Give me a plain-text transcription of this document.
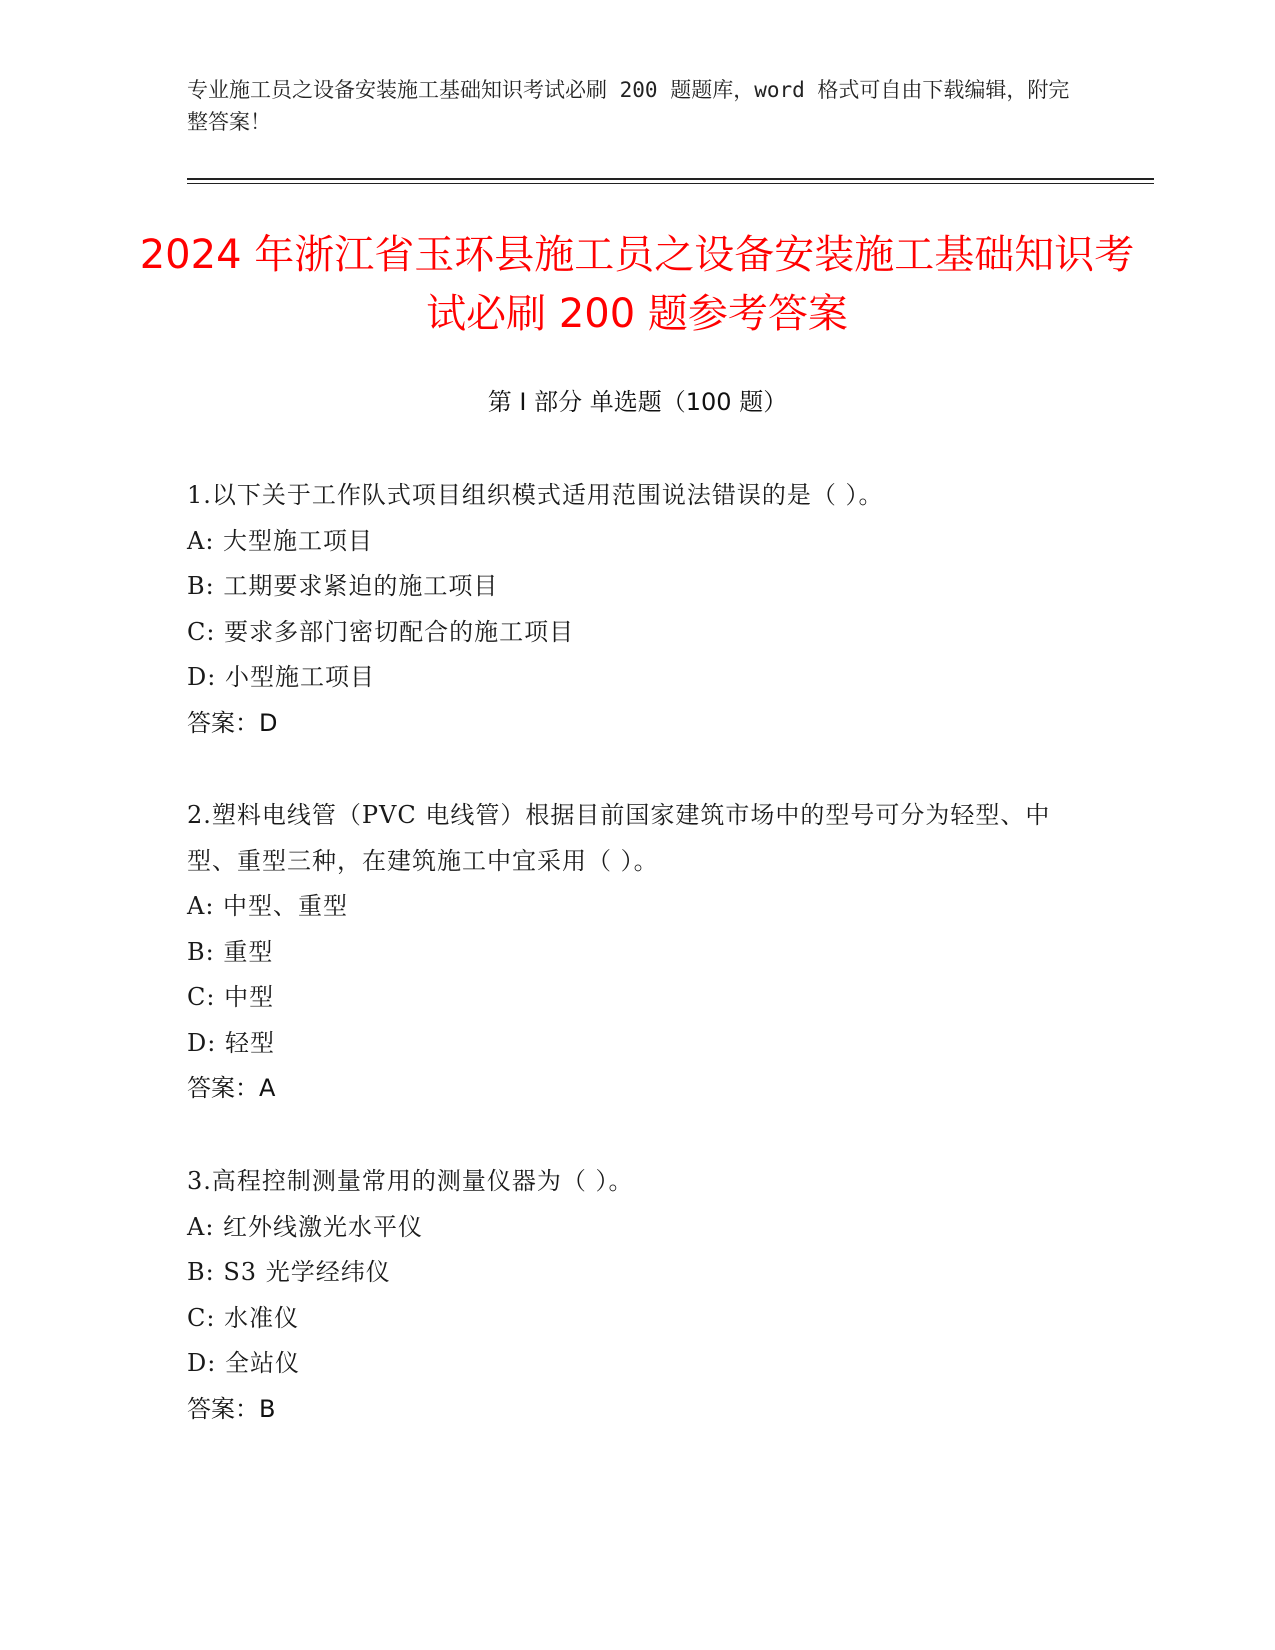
专业施工员之设备安装施工基础知识考试必刷 200 题题库，word 格式可自由下载编辑，附完整答案！
2024 年浙江省玉环县施工员之设备安装施工基础知识考试必刷 200 题参考答案
第 I 部分 单选题（100 题）
1.以下关于工作队式项目组织模式适用范围说法错误的是（ ）。
A: 大型施工项目
B: 工期要求紧迫的施工项目
C: 要求多部门密切配合的施工项目
D: 小型施工项目
答案：D
2.塑料电线管（PVC 电线管）根据目前国家建筑市场中的型号可分为轻型、中型、重型三种，在建筑施工中宜采用（ ）。
A: 中型、重型
B: 重型
C: 中型
D: 轻型
答案：A
3.高程控制测量常用的测量仪器为（ ）。
A: 红外线激光水平仪
B: S3 光学经纬仪
C: 水准仪
D: 全站仪
答案：B
